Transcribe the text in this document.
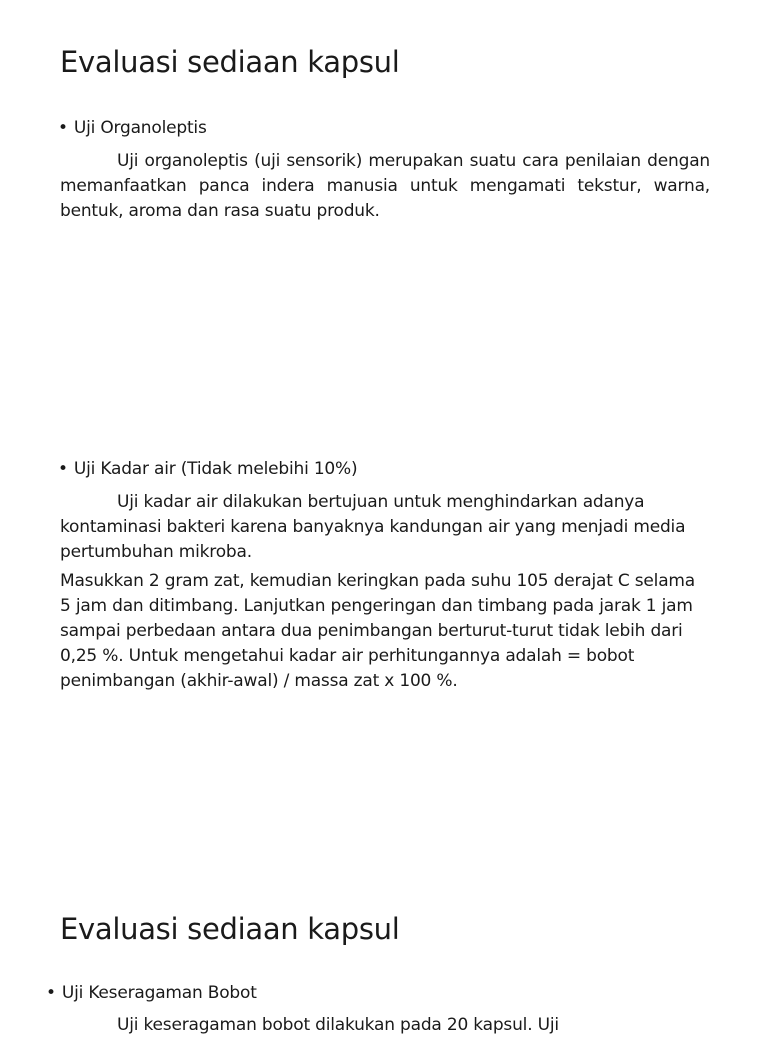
Evaluasi sediaan kapsul
• Uji Organoleptis
Uji organoleptis (uji sensorik) merupakan suatu cara penilaian dengan memanfaatkan panca indera manusia untuk mengamati tekstur, warna, bentuk, aroma dan rasa suatu produk.
• Uji Kadar air (Tidak melebihi 10%)
Uji kadar air dilakukan bertujuan untuk menghindarkan adanya kontaminasi bakteri karena banyaknya kandungan air yang menjadi media pertumbuhan mikroba.
Masukkan 2 gram zat, kemudian keringkan pada suhu 105 derajat C selama 5 jam dan ditimbang. Lanjutkan pengeringan dan timbang pada jarak 1 jam sampai perbedaan antara dua penimbangan berturut-turut tidak lebih dari 0,25 %. Untuk mengetahui kadar air perhitungannya adalah = bobot penimbangan (akhir-awal) / massa zat x 100 %.
Evaluasi sediaan kapsul
• Uji Keseragaman Bobot
Uji keseragaman bobot dilakukan pada 20 kapsul. Uji
